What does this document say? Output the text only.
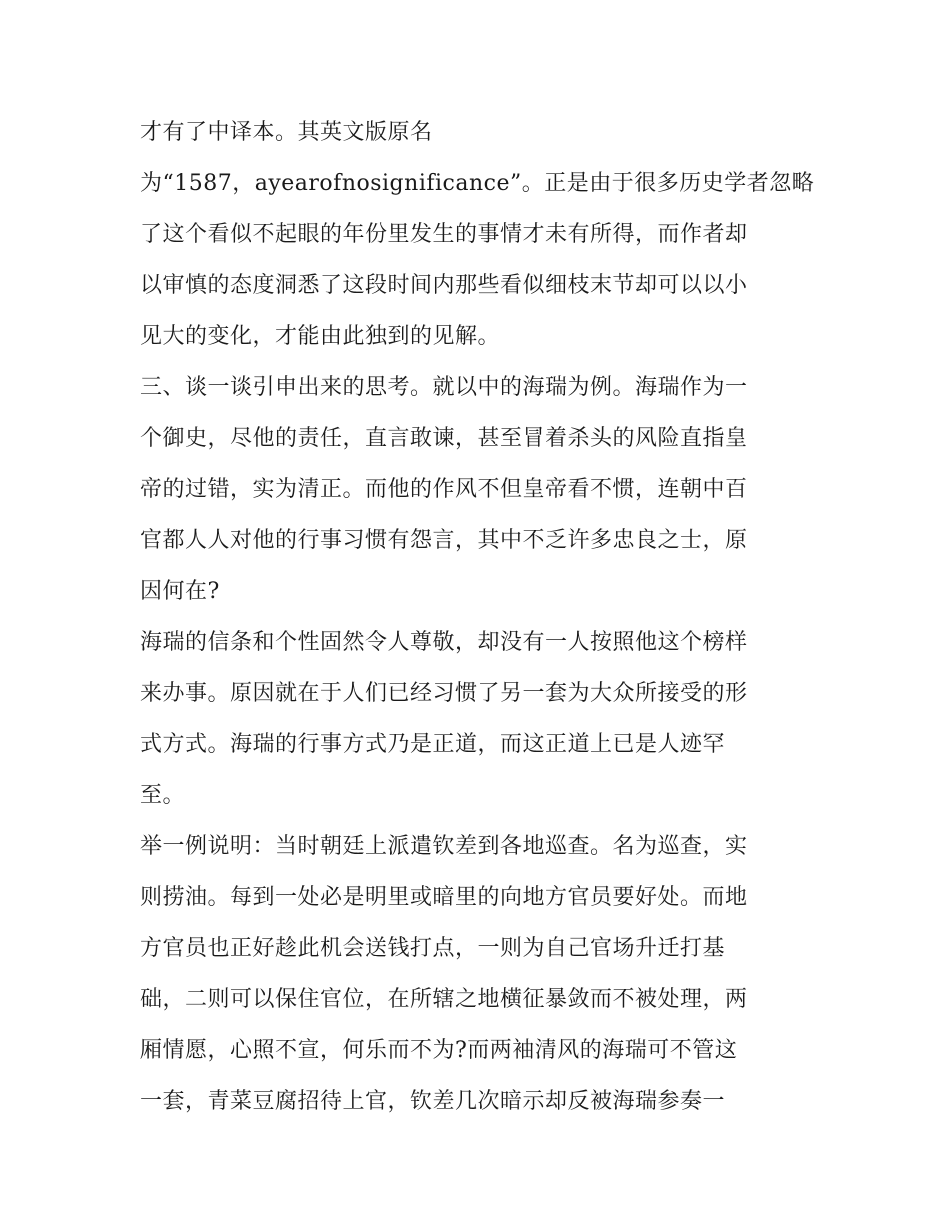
才有了中译本。其英文版原名
为“1587，ayearofnosignificance”。正是由于很多历史学者忽略
了这个看似不起眼的年份里发生的事情才未有所得，而作者却
以审慎的态度洞悉了这段时间内那些看似细枝末节却可以以小
见大的变化，才能由此独到的见解。
三、谈一谈引申出来的思考。就以中的海瑞为例。海瑞作为一
个御史，尽他的责任，直言敢谏，甚至冒着杀头的风险直指皇
帝的过错，实为清正。而他的作风不但皇帝看不惯，连朝中百
官都人人对他的行事习惯有怨言，其中不乏许多忠良之士，原
因何在?
海瑞的信条和个性固然令人尊敬，却没有一人按照他这个榜样
来办事。原因就在于人们已经习惯了另一套为大众所接受的形
式方式。海瑞的行事方式乃是正道，而这正道上已是人迹罕
至。
举一例说明：当时朝廷上派遣钦差到各地巡查。名为巡查，实
则捞油。每到一处必是明里或暗里的向地方官员要好处。而地
方官员也正好趁此机会送钱打点，一则为自己官场升迁打基
础，二则可以保住官位，在所辖之地横征暴敛而不被处理，两
厢情愿，心照不宣，何乐而不为?而两袖清风的海瑞可不管这
一套，青菜豆腐招待上官，钦差几次暗示却反被海瑞参奏一
